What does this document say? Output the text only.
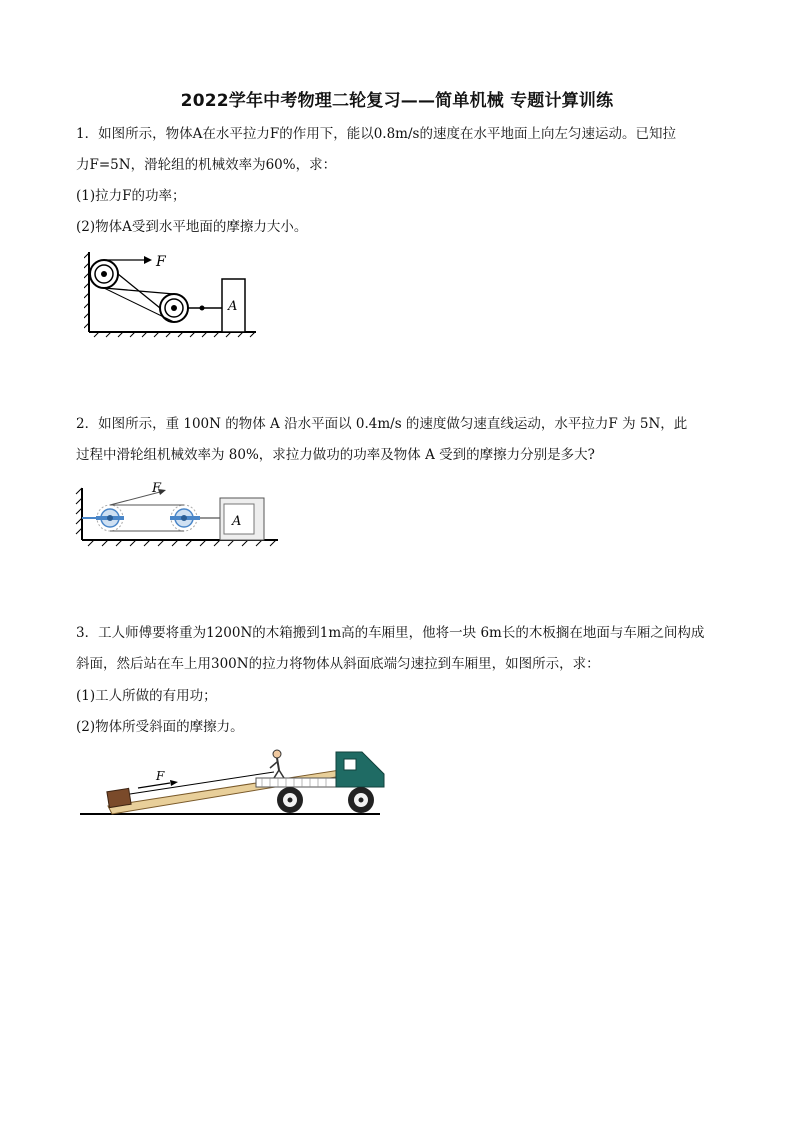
2022学年中考物理二轮复习——简单机械 专题计算训练
1．如图所示，物体A在水平拉力F的作用下，能以0.8m/s的速度在水平地面上向左匀速运动。已知拉
力F=5N，滑轮组的机械效率为60%，求：
(1)拉力F的功率；
(2)物体A受到水平地面的摩擦力大小。
F
A
2．如图所示，重 100N 的物体 A 沿水平面以 0.4m/s 的速度做匀速直线运动，水平拉力F 为 5N，此
过程中滑轮组机械效率为 80%，求拉力做功的功率及物体 A 受到的摩擦力分别是多大?
F
A
3．工人师傅要将重为1200N的木箱搬到1m高的车厢里，他将一块 6m长的木板搁在地面与车厢之间构成
斜面，然后站在车上用300N的拉力将物体从斜面底端匀速拉到车厢里，如图所示，求：
(1)工人所做的有用功；
(2)物体所受斜面的摩擦力。
F
